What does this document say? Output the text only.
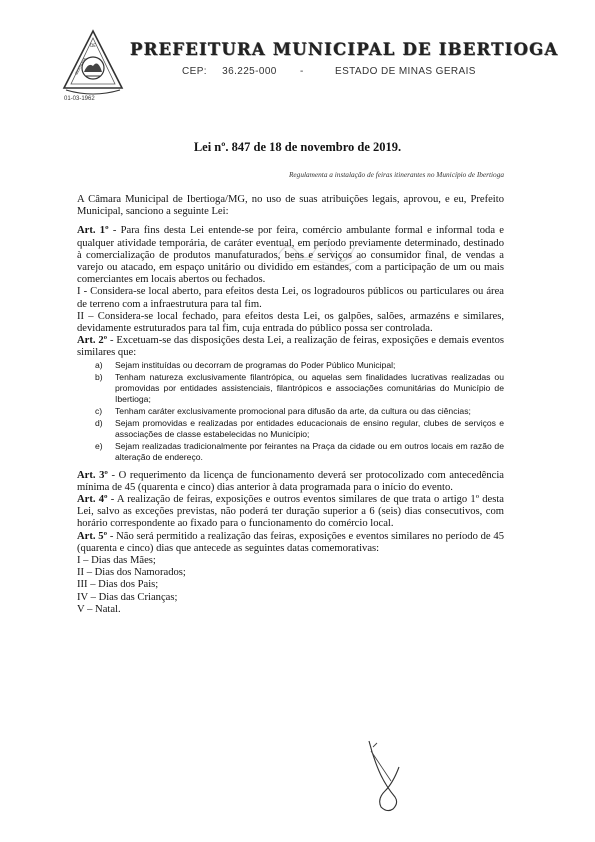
DE
IBERTIOGA
01-03-1962
PREFEITURA MUNICIPAL DE IBERTIOGA
CEP: 36.225-000 -	ESTADO DE MINAS GERAIS
Lei nº. 847 de 18 de novembro de 2019.
Regulamenta a instalação de feiras itinerantes no Município de Ibertioga

A Câmara Municipal de Ibertioga/MG, no uso de suas atribuições legais, aprovou, e eu, Prefeito Municipal, sanciono a seguinte Lei:

Art. 1º - Para fins desta Lei entende-se por feira, comércio ambulante formal e informal toda e qualquer atividade temporária, de caráter eventual, em período previamente determinado, destinado à comercialização de produtos manufaturados, bens e serviços ao consumidor final, de vendas a varejo ou atacado, em espaço unitário ou dividido em estandes, com a participação de um ou mais comerciantes em locais abertos ou fechados.

I - Considera-se local aberto, para efeitos desta Lei, os logradouros públicos ou particulares ou área de terreno com a infraestrutura para tal fim.

II – Considera-se local fechado, para efeitos desta Lei, os galpões, salões, armazéns e similares, devidamente estruturados para tal fim, cuja entrada do público possa ser controlada.

Art. 2º - Excetuam-se das disposições desta Lei, a realização de feiras, exposições e demais eventos similares que:

a)	Sejam instituídas ou decorram de programas do Poder Público Municipal;
b)	Tenham natureza exclusivamente filantrópica, ou aquelas sem finalidades lucrativas realizadas ou promovidas por entidades assistenciais, filantrópicos e associações comunitárias do Município de Ibertioga;
c)	Tenham caráter exclusivamente promocional para difusão da arte, da cultura ou das ciências;
d)	Sejam promovidas e realizadas por entidades educacionais de ensino regular, clubes de serviços e associações de classe estabelecidas no Município;
e)	Sejam realizadas tradicionalmente por feirantes na Praça da cidade ou em outros locais em razão de alteração de endereço.

Art. 3º - O requerimento da licença de funcionamento deverá ser protocolizado com antecedência mínima de 45 (quarenta e cinco) dias anterior à data programada para o início do evento.

Art. 4º - A realização de feiras, exposições e outros eventos similares de que trata o artigo 1º desta Lei, salvo as exceções previstas, não poderá ter duração superior a 6 (seis) dias consecutivos, com horário correspondente ao fixado para o funcionamento do comércio local.

Art. 5º - Não será permitido a realização das feiras, exposições e eventos similares no período de 45 (quarenta e cinco) dias que antecede as seguintes datas comemorativas:

I – Dias das Mães;
II – Dias dos Namorados;
III – Dias dos Pais;
IV – Dias das Crianças;
V – Natal.
